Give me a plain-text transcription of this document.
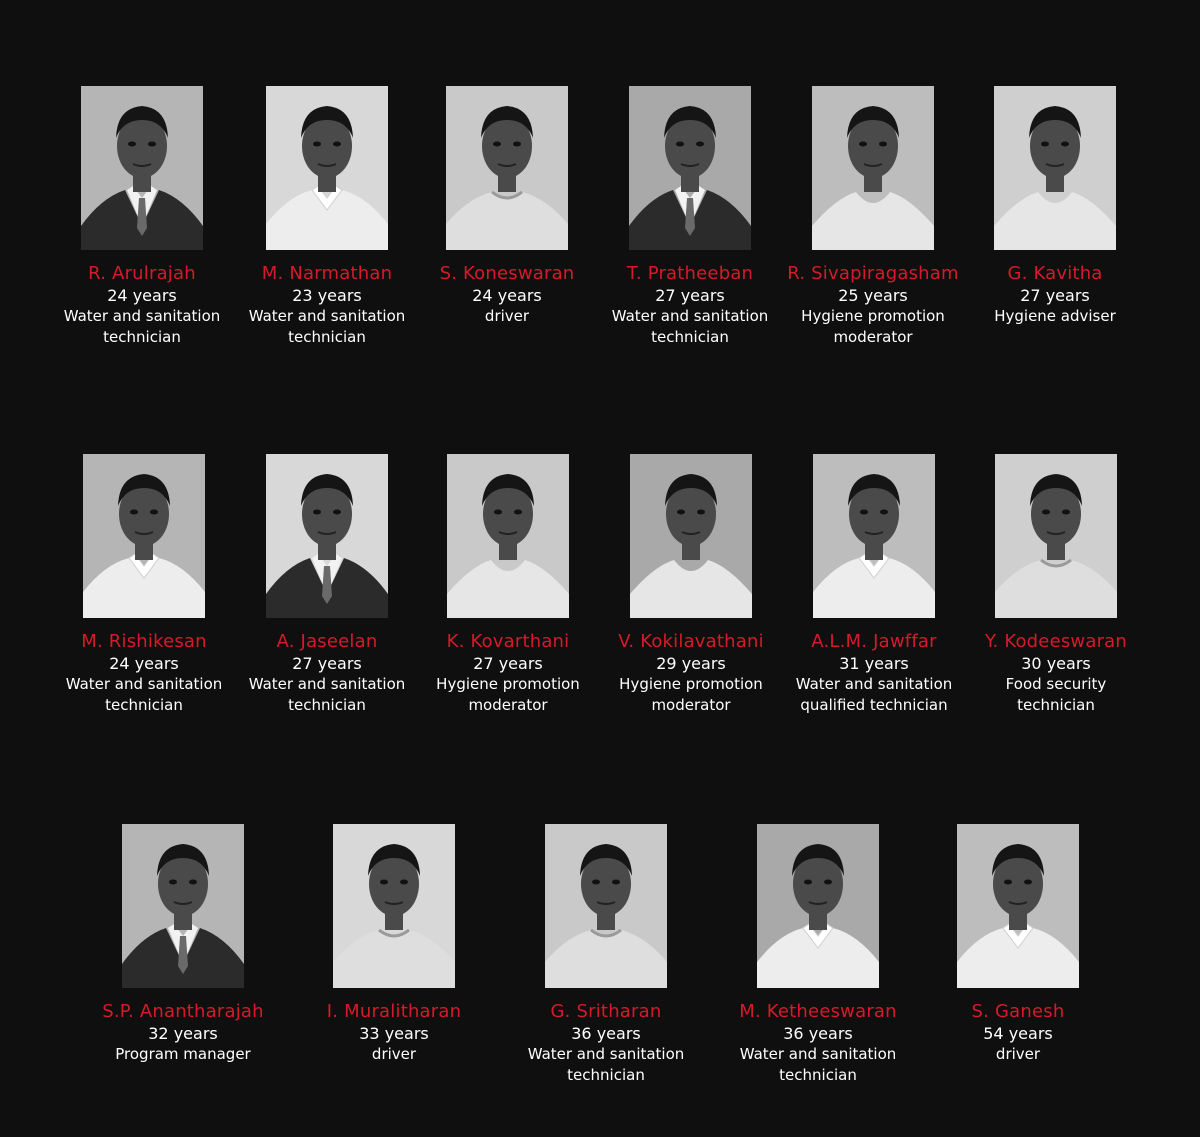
R. Arulrajah
24 years
Water and sanitation
technician
M. Narmathan
23 years
Water and sanitation
technician
S. Koneswaran
24 years
driver
T. Pratheeban
27 years
Water and sanitation
technician
R. Sivapiragasham
25 years
Hygiene promotion
moderator
G. Kavitha
27 years
Hygiene adviser
M. Rishikesan
24 years
Water and sanitation
technician
A. Jaseelan
27 years
Water and sanitation
technician
K. Kovarthani
27 years
Hygiene promotion
moderator
V. Kokilavathani
29 years
Hygiene promotion
moderator
A.L.M. Jawffar
31 years
Water and sanitation
qualified technician
Y. Kodeeswaran
30 years
Food security
technician
S.P. Anantharajah
32 years
Program manager
I. Muralitharan
33 years
driver
G. Sritharan
36 years
Water and sanitation
technician
M. Ketheeswaran
36 years
Water and sanitation
technician
S. Ganesh
54 years
driver
